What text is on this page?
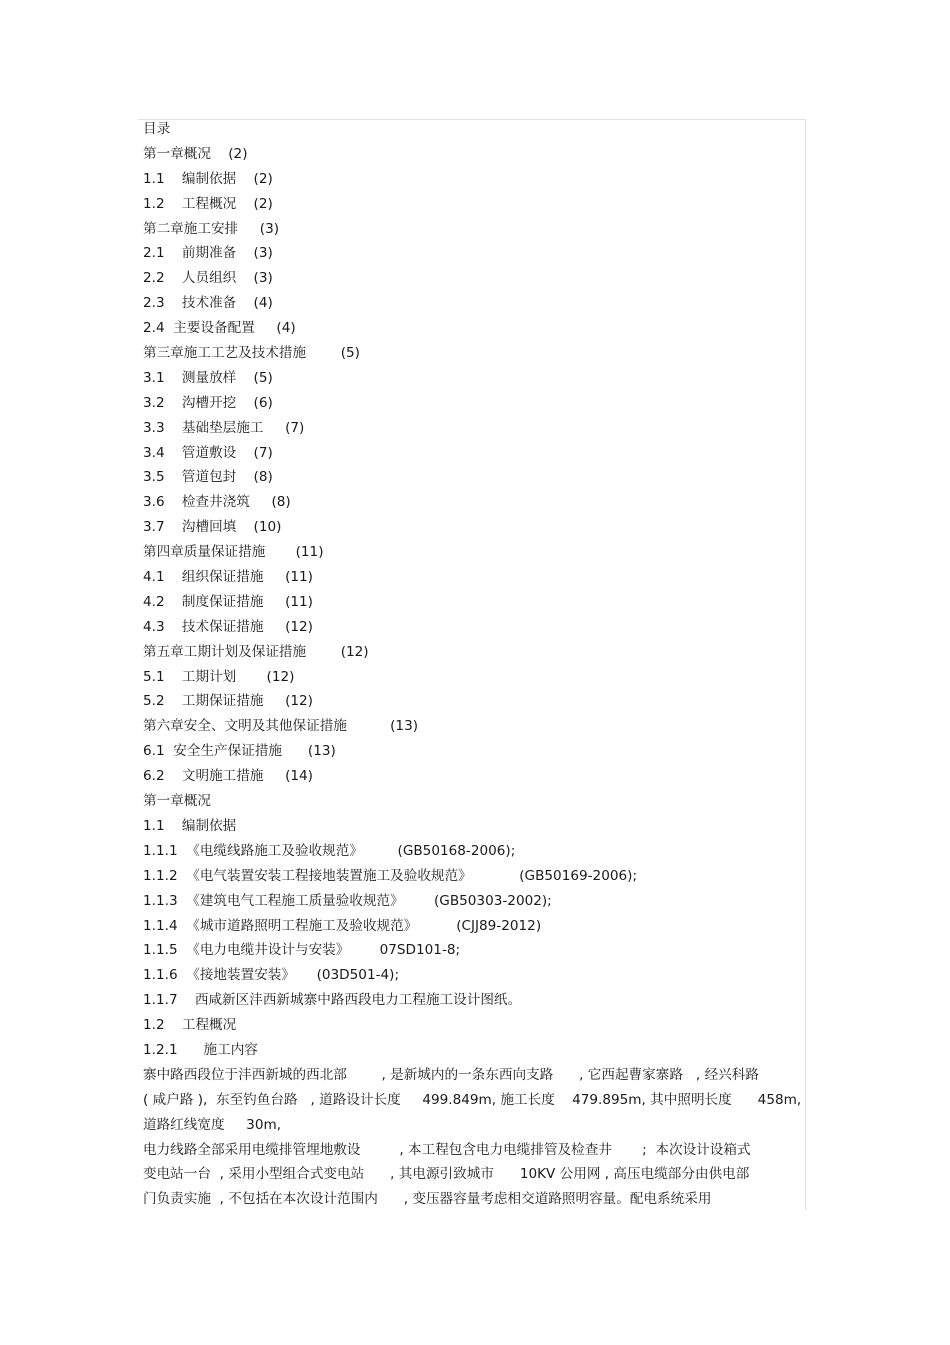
目录
第一章概况    (2)
1.1    编制依据    (2)
1.2    工程概况    (2)
第二章施工安排     (3)
2.1    前期准备    (3)
2.2    人员组织    (3)
2.3    技术准备    (4)
2.4  主要设备配置     (4)
第三章施工工艺及技术措施        (5)
3.1    测量放样    (5)
3.2    沟槽开挖    (6)
3.3    基础垫层施工     (7)
3.4    管道敷设    (7)
3.5    管道包封    (8)
3.6    检查井浇筑     (8)
3.7    沟槽回填    (10)
第四章质量保证措施       (11)
4.1    组织保证措施     (11)
4.2    制度保证措施     (11)
4.3    技术保证措施     (12)
第五章工期计划及保证措施        (12)
5.1    工期计划       (12)
5.2    工期保证措施     (12)
第六章安全、文明及其他保证措施          (13)
6.1  安全生产保证措施      (13)
6.2    文明施工措施     (14)
第一章概况
1.1    编制依据
1.1.1  《电缆线路施工及验收规范》        (GB50168-2006);
1.1.2  《电气装置安装工程接地装置施工及验收规范》           (GB50169-2006);
1.1.3  《建筑电气工程施工质量验收规范》       (GB50303-2002);
1.1.4  《城市道路照明工程施工及验收规范》         (CJJ89-2012)
1.1.5  《电力电缆井设计与安装》       07SD101-8;
1.1.6  《接地装置安装》     (03D501-4);
1.1.7    西咸新区沣西新城寨中路西段电力工程施工设计图纸。
1.2    工程概况
1.2.1      施工内容
寨中路西段位于沣西新城的西北部        , 是新城内的一条东西向支路      , 它西起曹家寨路   , 经兴科路
( 咸户路 ),  东至钓鱼台路   , 道路设计长度     499.849m, 施工长度    479.895m, 其中照明长度      458m,
道路红线宽度     30m,
电力线路全部采用电缆排管埋地敷设         , 本工程包含电力电缆排管及检查井       ;  本次设计设箱式
变电站一台  , 采用小型组合式变电站      , 其电源引致城市      10KV 公用网 , 高压电缆部分由供电部
门负责实施  , 不包括在本次设计范围内      , 变压器容量考虑相交道路照明容量。配电系统采用
